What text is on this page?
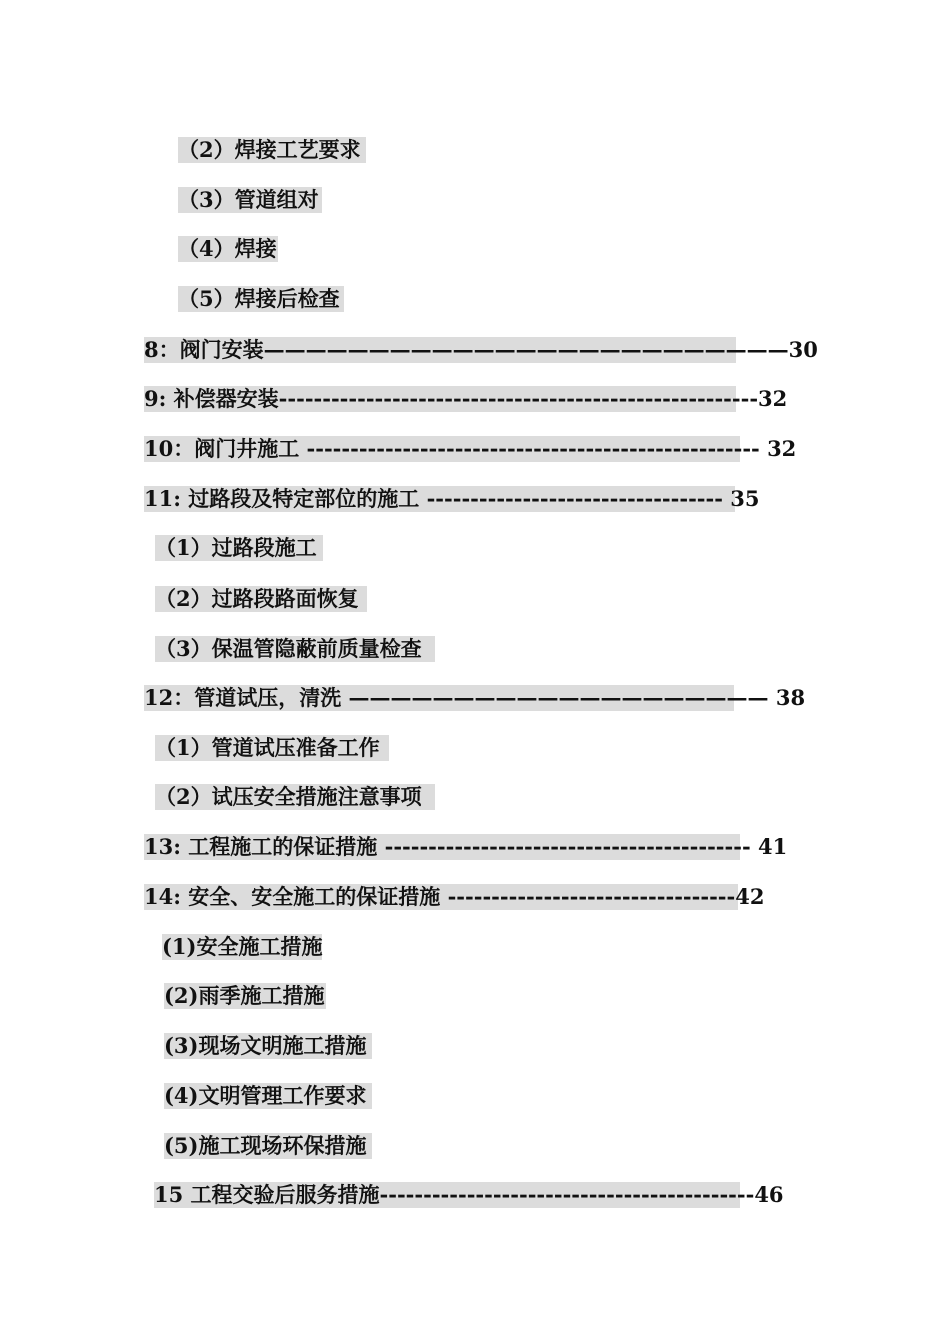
（2）焊接工艺要求
（3）管道组对
（4）焊接
（5）焊接后检查
8：阀门安装—————————————————————————30
9: 补偿器安装-------------------------------------------------------32
10：阀门井施工 ---------------------------------------------------- 32
11: 过路段及特定部位的施工 ---------------------------------- 35
（1）过路段施工
（2）过路段路面恢复
（3）保温管隐蔽前质量检查
12：管道试压，清洗 ———————————————————— 38
（1）管道试压准备工作
（2）试压安全措施注意事项
13: 工程施工的保证措施 ------------------------------------------ 41
14: 安全、安全施工的保证措施 ---------------------------------42
(1)安全施工措施
(2)雨季施工措施
(3)现场文明施工措施
(4)文明管理工作要求
(5)施工现场环保措施
15 工程交验后服务措施-------------------------------------------46
